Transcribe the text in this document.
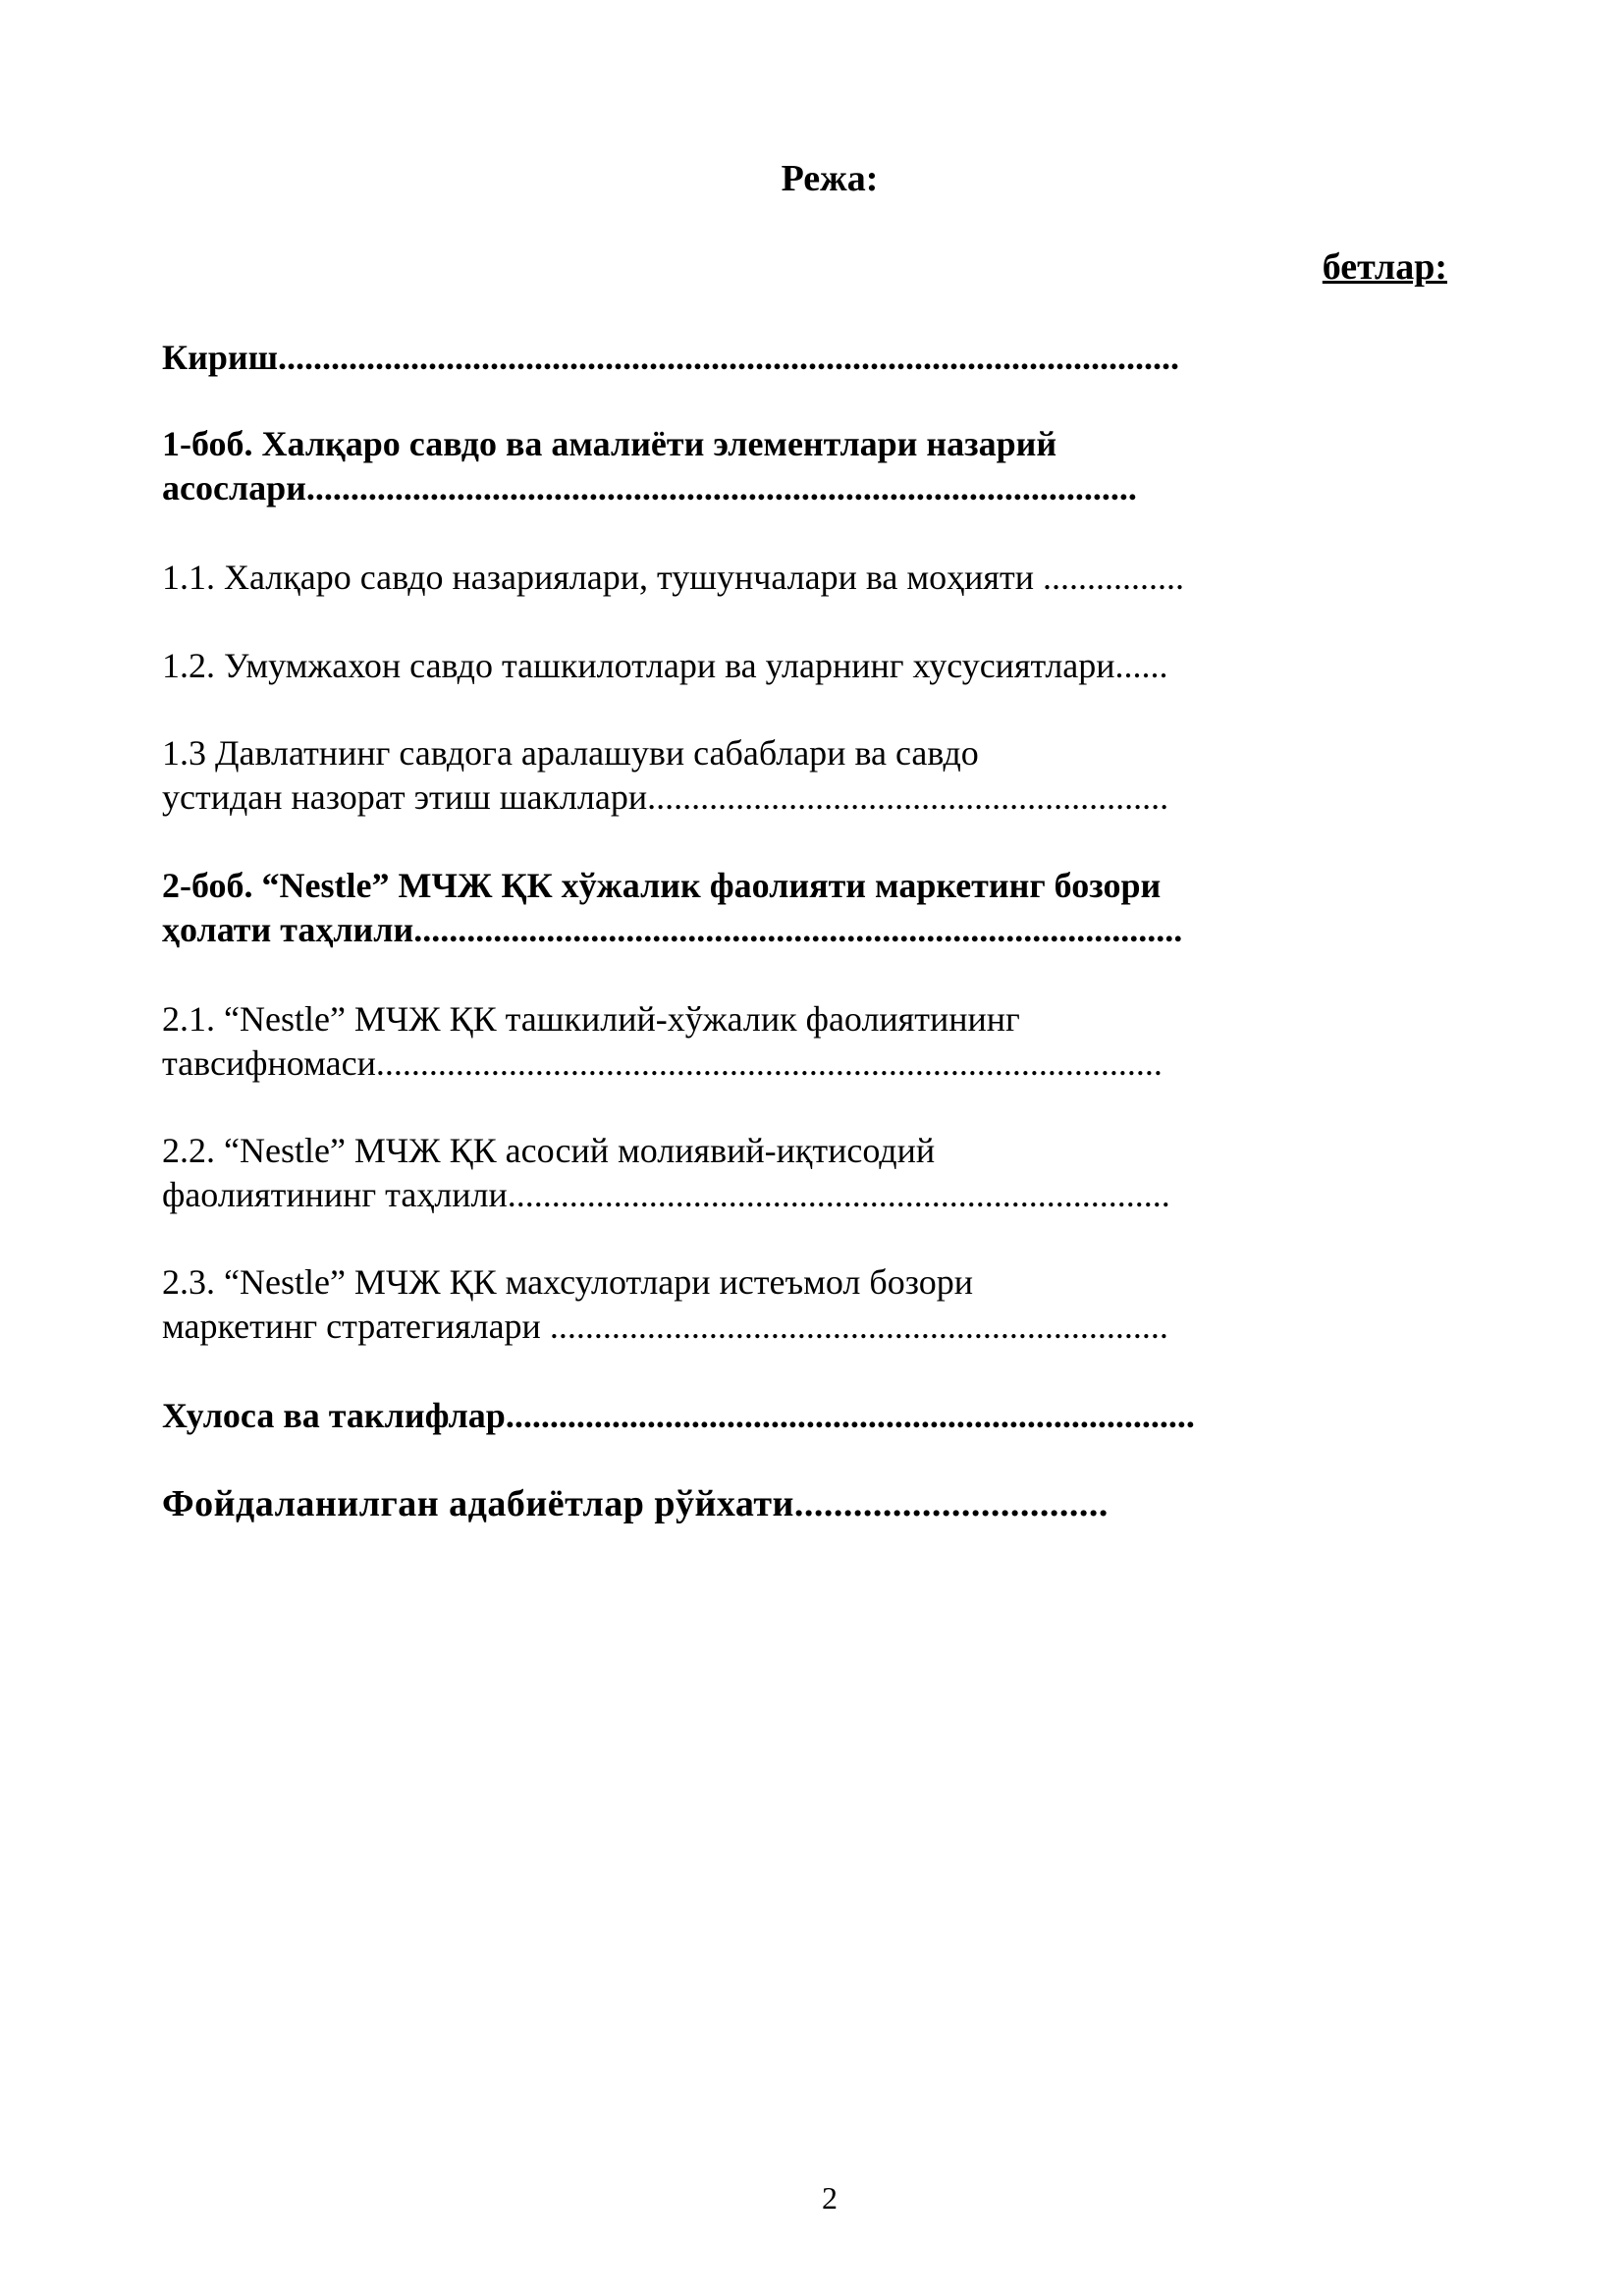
Режа:
бетлар:
Кириш......................................................................................................
1-боб. Халқаро савдо ва амалиёти элементлари назарий
асослари..............................................................................................
1.1. Халқаро савдо назариялари, тушунчалари ва моҳияти ................
1.2. Умумжахон савдо ташкилотлари ва уларнинг хусусиятлари......
1.3 Давлатнинг савдога аралашуви сабаблари ва савдо
устидан назорат этиш шакллари...........................................................
2-боб. “Nestle” МЧЖ ҚК хўжалик фаолияти маркетинг бозори
ҳолати таҳлили.......................................................................................
2.1. “Nestle” МЧЖ ҚК ташкилий-хўжалик фаолиятининг
тавсифномаси.........................................................................................
2.2. “Nestle” МЧЖ ҚК асосий молиявий-иқтисодий
фаолиятининг таҳлили...........................................................................
2.3. “Nestle” МЧЖ ҚК махсулотлари истеъмол бозори
маркетинг стратегиялари ......................................................................
Хулоса ва таклифлар..............................................................................
Фойдаланилган адабиётлар рўйхати................................
2
